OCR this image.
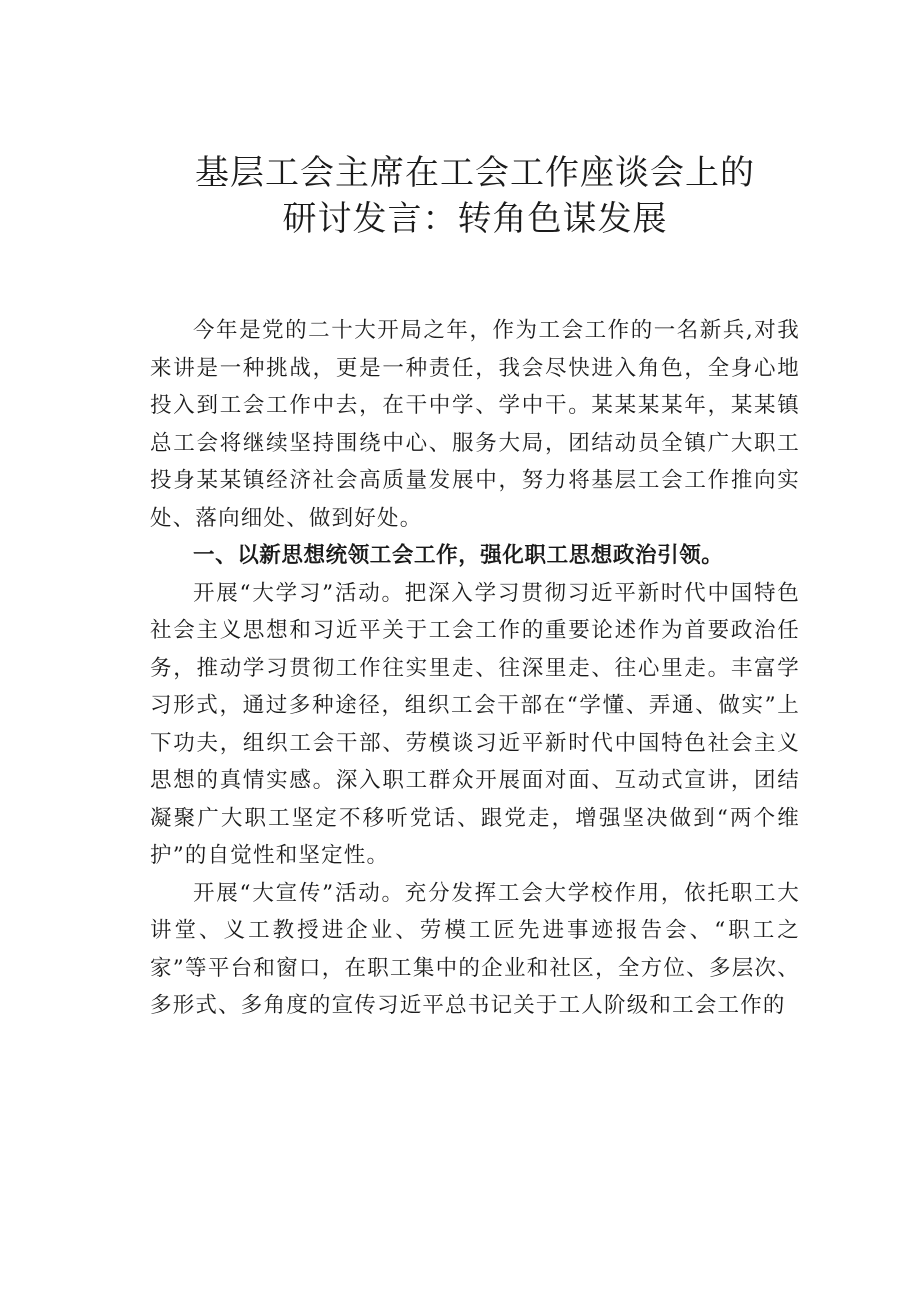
基层工会主席在工会工作座谈会上的
研讨发言：转角色谋发展

今年是党的二十大开局之年，作为工会工作的一名新兵,对我来讲是一种挑战，更是一种责任，我会尽快进入角色，全身心地投入到工会工作中去，在干中学、学中干。某某某某年，某某镇总工会将继续坚持围绕中心、服务大局，团结动员全镇广大职工投身某某镇经济社会高质量发展中，努力将基层工会工作推向实处、落向细处、做到好处。

一、以新思想统领工会工作，强化职工思想政治引领。

开展“大学习”活动。把深入学习贯彻习近平新时代中国特色社会主义思想和习近平关于工会工作的重要论述作为首要政治任务，推动学习贯彻工作往实里走、往深里走、往心里走。丰富学习形式，通过多种途径，组织工会干部在“学懂、弄通、做实”上下功夫，组织工会干部、劳模谈习近平新时代中国特色社会主义思想的真情实感。深入职工群众开展面对面、互动式宣讲，团结凝聚广大职工坚定不移听党话、跟党走，增强坚决做到“两个维护”的自觉性和坚定性。

开展“大宣传”活动。充分发挥工会大学校作用，依托职工大讲堂、义工教授进企业、劳模工匠先进事迹报告会、“职工之家”等平台和窗口，在职工集中的企业和社区，全方位、多层次、多形式、多角度的宣传习近平总书记关于工人阶级和工会工作的
